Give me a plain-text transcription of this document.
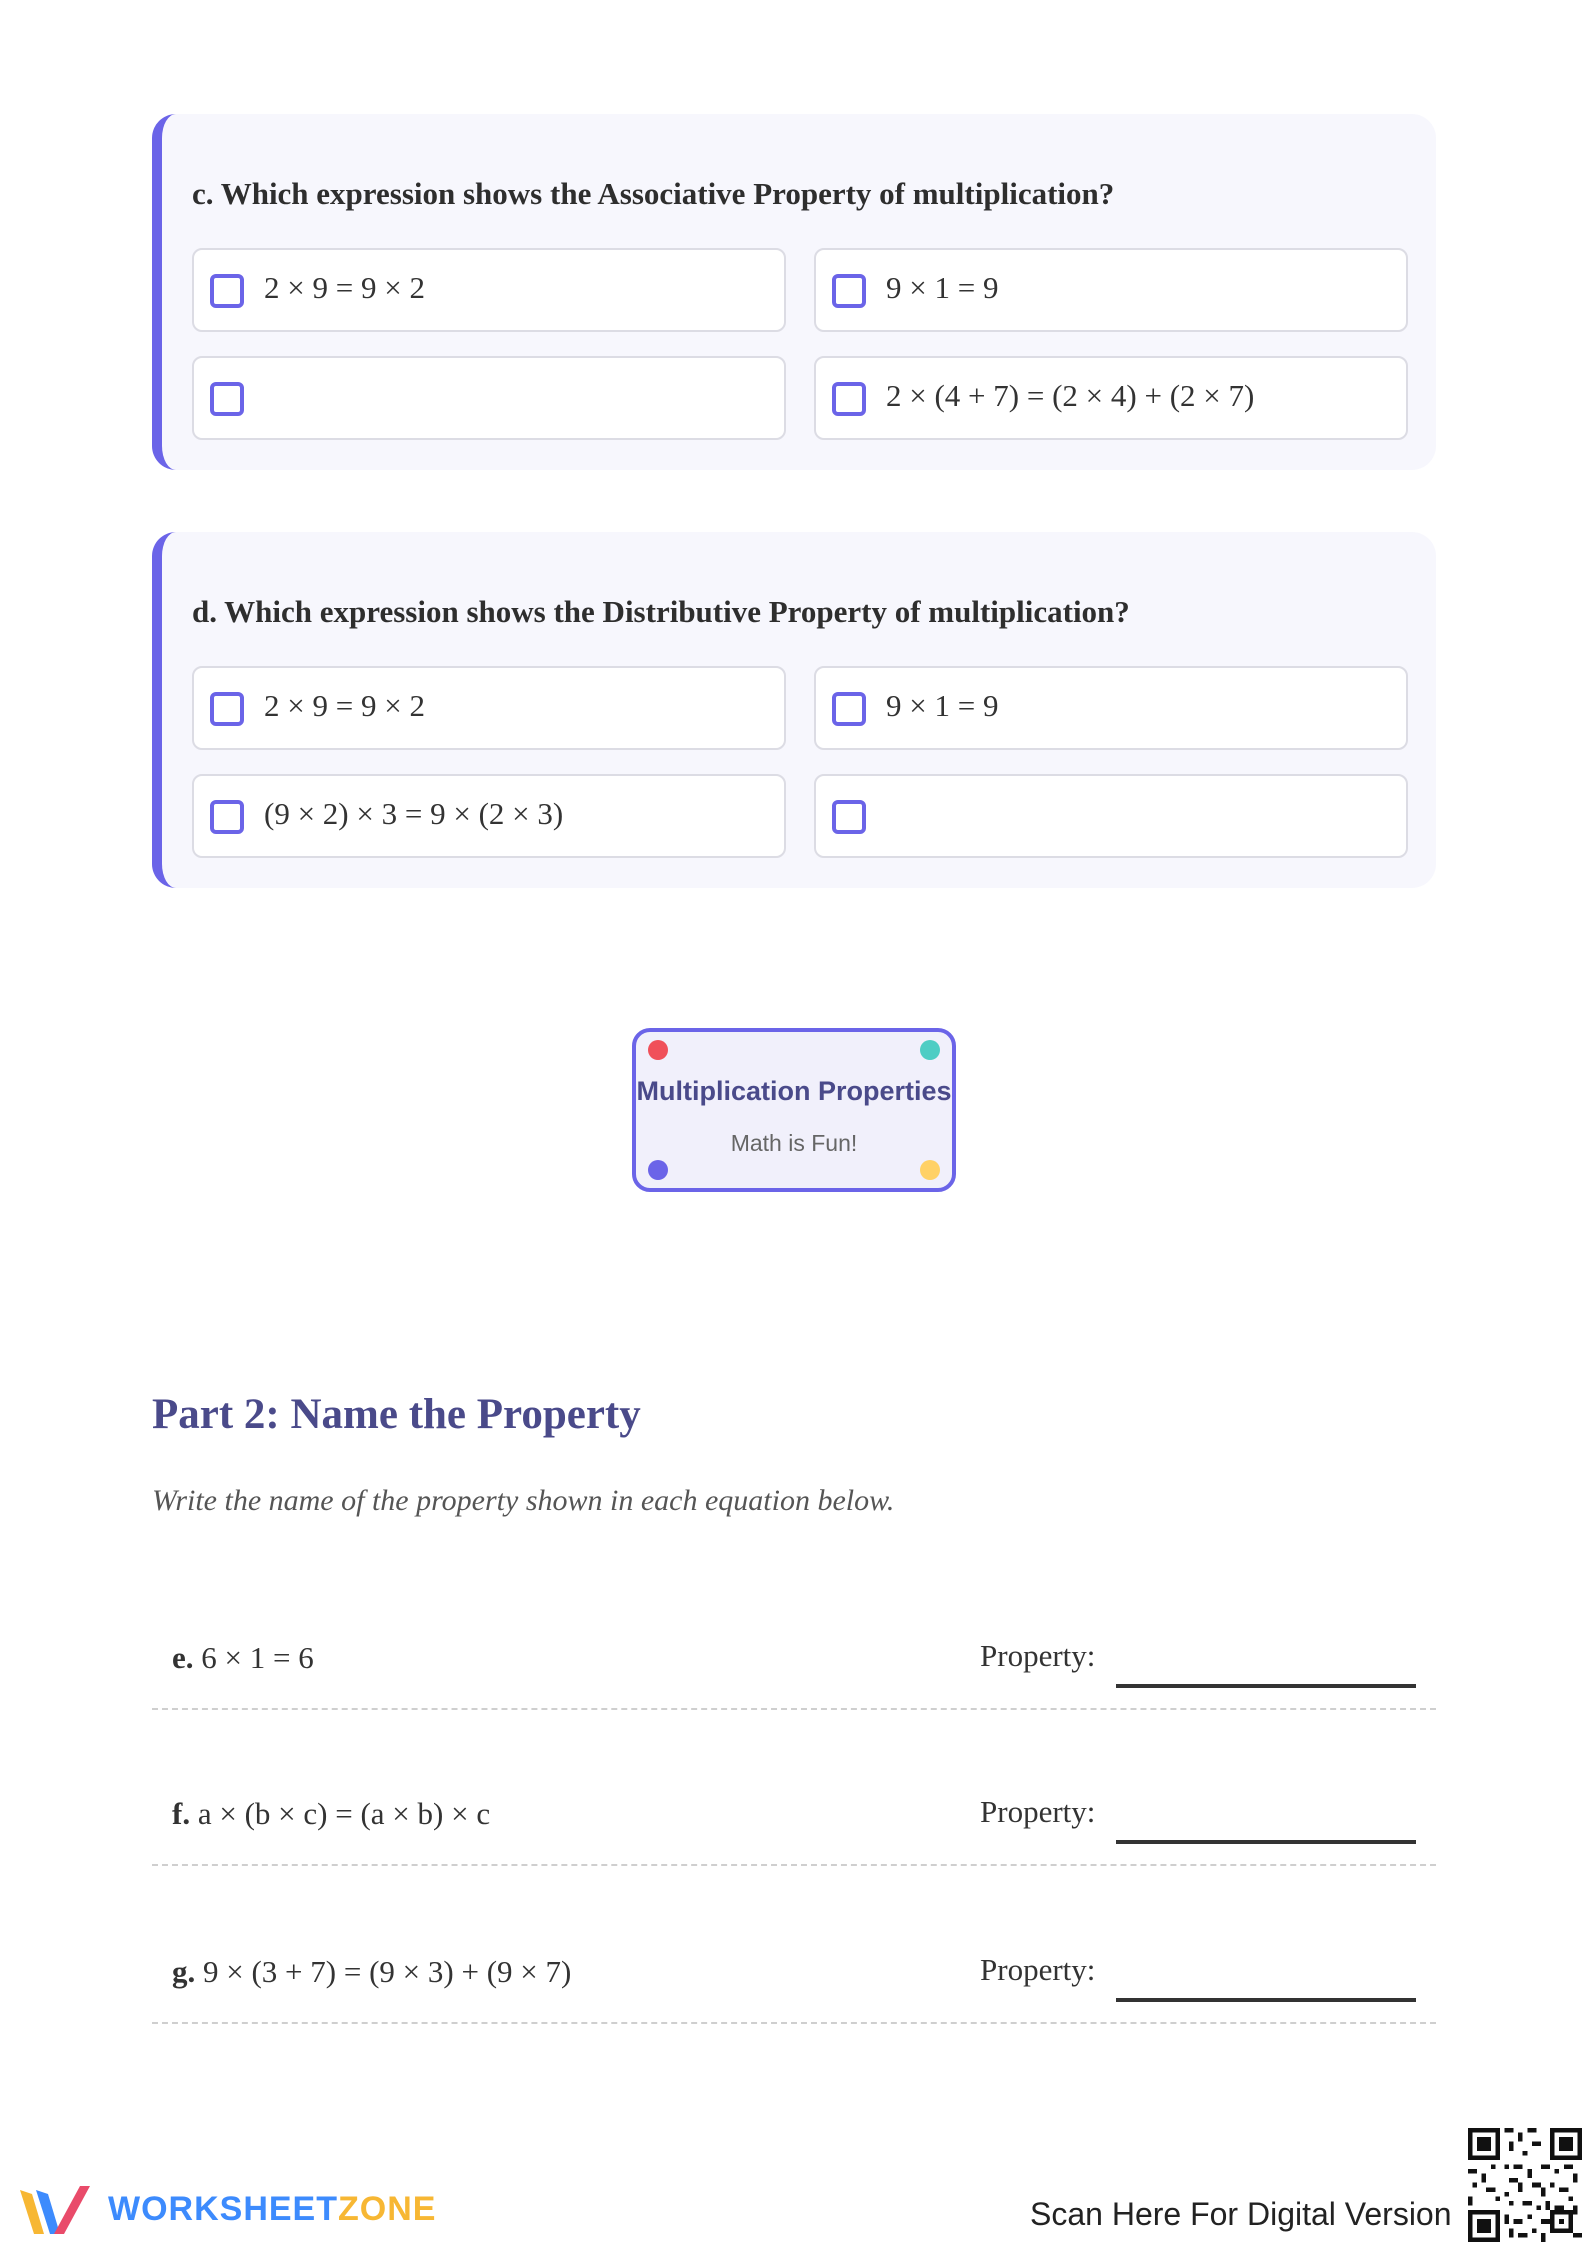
c. Which expression shows the Associative Property of multiplication?
2 × 9 = 9 × 2	9 × 1 = 9
2 × (4 + 7) = (2 × 4) + (2 × 7)
d. Which expression shows the Distributive Property of multiplication?
2 × 9 = 9 × 2	9 × 1 = 9
(9 × 2) × 3 = 9 × (2 × 3)
Multiplication Properties
Math is Fun!
Part 2: Name the Property
Write the name of the property shown in each equation below.
e. 6 × 1 = 6	Property:
f. a × (b × c) = (a × b) × c	Property:
g. 9 × (3 + 7) = (9 × 3) + (9 × 7)	Property:
WORKSHEETZONE	Scan Here For Digital Version
